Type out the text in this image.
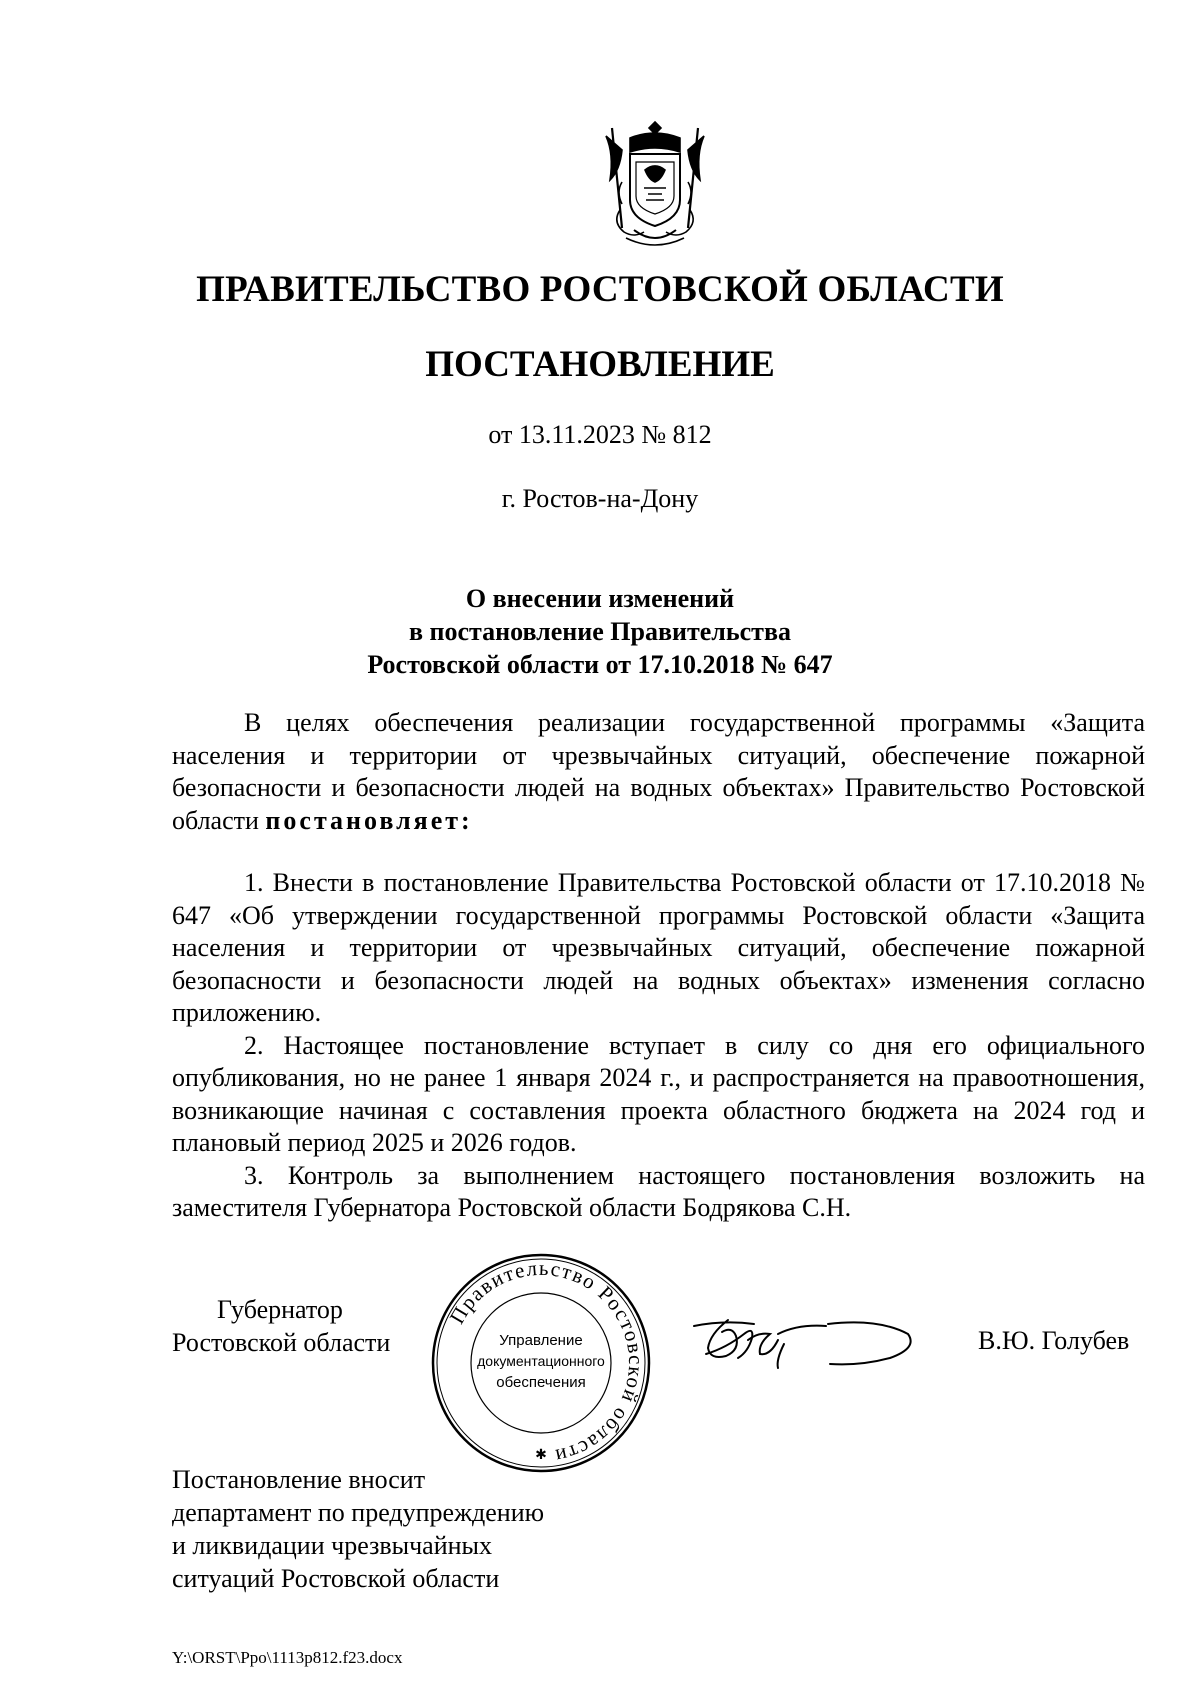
ПРАВИТЕЛЬСТВО РОСТОВСКОЙ ОБЛАСТИ
ПОСТАНОВЛЕНИЕ
от 13.11.2023 № 812
г. Ростов-на-Дону
О внесении изменений
в постановление Правительства
Ростовской области от 17.10.2018 № 647
В целях обеспечения реализации государственной программы «Защита населения и территории от чрезвычайных ситуаций, обеспечение пожарной безопасности и безопасности людей на водных объектах» Правительство Ростовской области постановляет:
1. Внести в постановление Правительства Ростовской области от 17.10.2018 № 647 «Об утверждении государственной программы Ростовской области «Защита населения и территории от чрезвычайных ситуаций, обеспечение пожарной безопасности и безопасности людей на водных объектах» изменения согласно приложению.
2. Настоящее постановление вступает в силу со дня его официального опубликования, но не ранее 1 января 2024 г., и распространяется на правоотношения, возникающие начиная с составления проекта областного бюджета на 2024 год и плановый период 2025 и 2026 годов.
3. Контроль за выполнением настоящего постановления возложить на заместителя Губернатора Ростовской области Бодрякова С.Н.
Губернатор
Ростовской области
Правительство Ростовской области
✱
Управление
документационного
обеспечения
В.Ю. Голубев
Постановление вносит
департамент по предупреждению
и ликвидации чрезвычайных
ситуаций Ростовской области
Y:\ORST\Ppo\1113p812.f23.docx
